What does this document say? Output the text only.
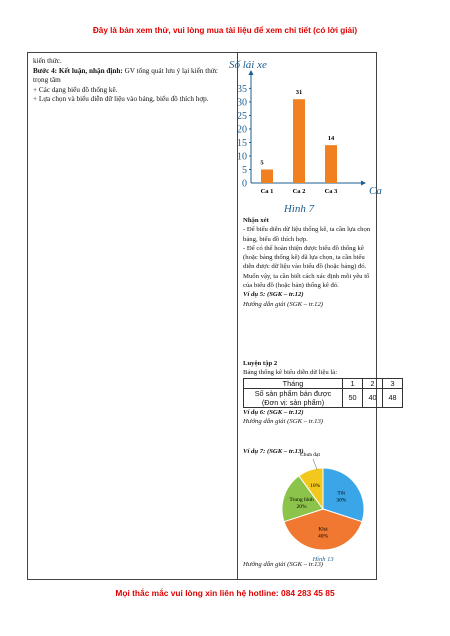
Đây là bản xem thử, vui lòng mua tài liệu để xem chi tiết (có lời giải)
kiến thức.
Bước 4: Kết luận, nhận định: GV tổng quát lưu ý lại kiến thức trọng tâm
+ Các dạng biểu đồ thống kê.
+ Lựa chọn và biểu diễn dữ liệu vào bảng, biểu đồ thích hợp.
Số lái xe
Ca
0
5
10
15
20
25
30
35
5
Ca 1
31
Ca 2
14
Ca 3
Hình 7
Nhận xét
- Để biểu diễn dữ liệu thống kê, ta cần lựa chọn bảng, biểu đồ thích hợp.
- Để có thể hoàn thiện được biểu đồ thống kê (hoặc bảng thống kê) đã lựa chọn, ta cần biểu diễn được dữ liệu vào biểu đồ (hoặc bảng) đó. Muốn vậy, ta cần biết cách xác định mỗi yêu tố của biểu đồ (hoặc bản) thống kê đó.
Ví dụ 5: (SGK – tr.12)
Hướng dẫn giải (SGK – tr.12)
Luyện tập 2
Bảng thống kê biểu diễn dữ liệu là:
Tháng	1	2	3
Số sản phẩm bán được (Đơn vị: sản phẩm)	50	40	48
Ví dụ 6: (SGK – tr.12)
Hướng dẫn giải (SGK – tr.13)
Ví dụ 7: (SGK – tr.13)
Tốt
30%
Khá
40%
Trung bình
20%
10%
Chưa đạt
Hình 13
Hướng dẫn giải (SGK – tr.13)
Mọi thắc mắc vui lòng xin liên hệ hotline: 084 283 45 85
